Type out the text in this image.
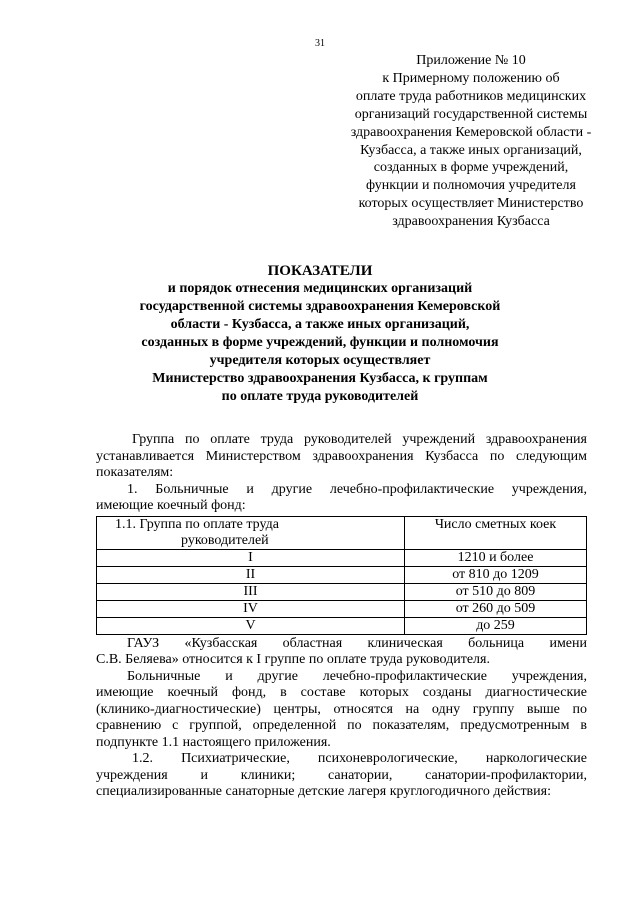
31
Приложение № 10
к Примерному положению об
оплате труда работников медицинских
организаций государственной системы
здравоохранения Кемеровской области -
Кузбасса, а также иных организаций,
созданных в форме учреждений,
функции и полномочия учредителя
которых осуществляет Министерство
здравоохранения Кузбасса
ПОКАЗАТЕЛИ
и порядок отнесения медицинских организаций
государственной системы здравоохранения Кемеровской
области - Кузбасса, а также иных организаций,
созданных в форме учреждений, функции и полномочия
учредителя которых осуществляет
Министерство здравоохранения Кузбасса, к группам
по оплате труда руководителей
Группа по оплате труда руководителей учреждений здравоохранения
устанавливается Министерством здравоохранения Кузбасса по следующим
показателям:
1. Больничные и другие лечебно-профилактические учреждения,
имеющие коечный фонд:
1.1. Группа по оплате труда
руководителей	Число сметных коек
I	1210 и более
II	от 810 до 1209
III	от 510 до 809
IV	от 260 до 509
V	до 259
ГАУЗ «Кузбасская областная клиническая больница имени
С.В. Беляева» относится к I группе по оплате труда руководителя.
Больничные и другие лечебно-профилактические учреждения,
имеющие коечный фонд, в составе которых созданы диагностические
(клинико-диагностические) центры, относятся на одну группу выше по
сравнению с группой, определенной по показателям, предусмотренным в
подпункте 1.1 настоящего приложения.
1.2. Психиатрические, психоневрологические, наркологические
учреждения и клиники; санатории, санатории-профилактории,
специализированные санаторные детские лагеря круглогодичного действия:
